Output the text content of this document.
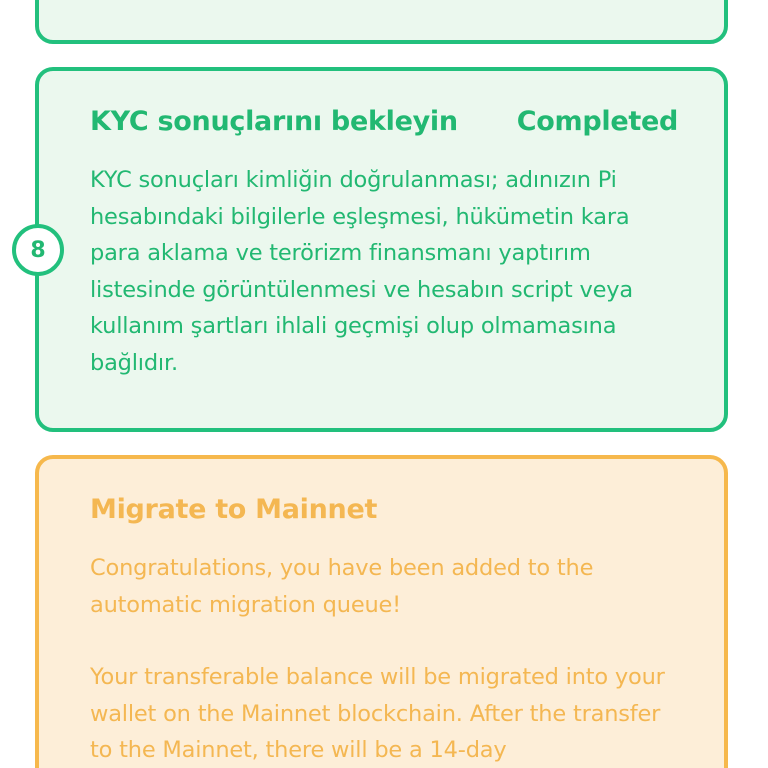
KYC sonuçlarını bekleyin Completed

KYC sonuçları kimliğin doğrulanması; adınızın Pi hesabındaki bilgilerle eşleşmesi, hükümetin kara para aklama ve terörizm finansmanı yaptırım listesinde görüntülenmesi ve hesabın script veya kullanım şartları ihlali geçmişi olup olmamasına bağlıdır.

8
Migrate to Mainnet

Congratulations, you have been added to the automatic migration queue!

Your transferable balance will be migrated into your wallet on the Mainnet blockchain. After the transfer to the Mainnet, there will be a 14-day
